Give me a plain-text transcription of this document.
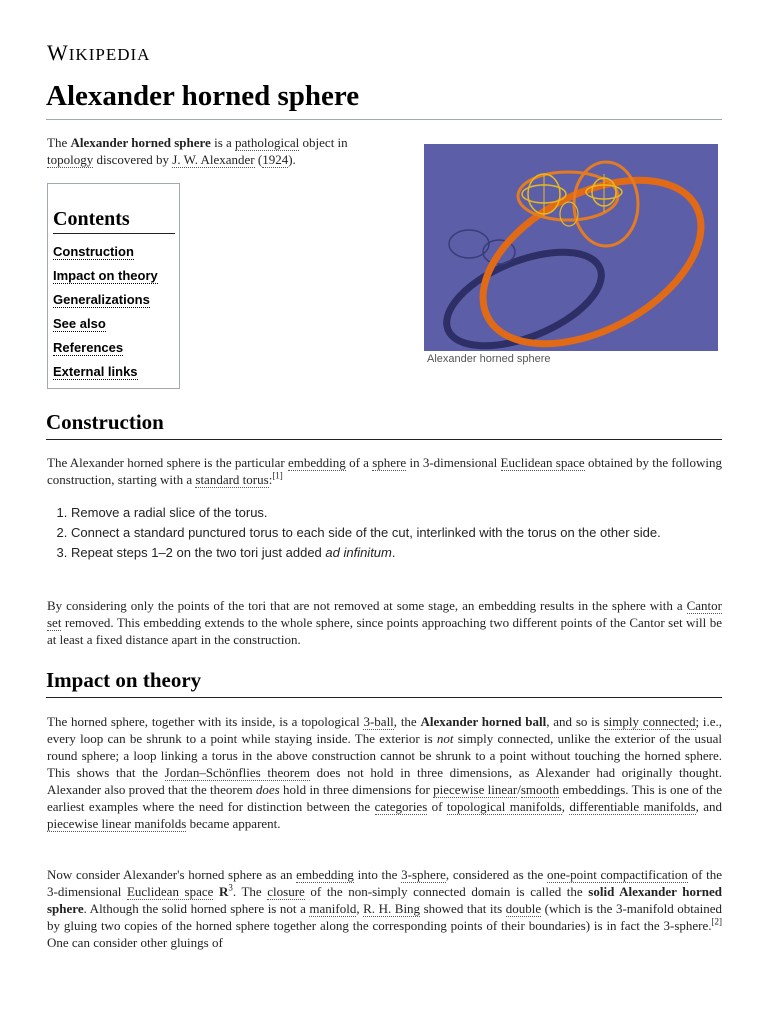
WIKIPEDIA
Alexander horned sphere

The Alexander horned sphere is a pathological object in topology discovered by J. W. Alexander (1924).

Contents
Construction
Impact on theory
Generalizations
See also
References
External links
Alexander horned sphere
Construction

The Alexander horned sphere is the particular embedding of a sphere in 3-dimensional Euclidean space obtained by the following construction, starting with a standard torus:[1]

1. Remove a radial slice of the torus.
2. Connect a standard punctured torus to each side of the cut, interlinked with the torus on the other side.
3. Repeat steps 1–2 on the two tori just added ad infinitum.

By considering only the points of the tori that are not removed at some stage, an embedding results in the sphere with a Cantor set removed. This embedding extends to the whole sphere, since points approaching two different points of the Cantor set will be at least a fixed distance apart in the construction.

Impact on theory

The horned sphere, together with its inside, is a topological 3-ball, the Alexander horned ball, and so is simply connected; i.e., every loop can be shrunk to a point while staying inside. The exterior is not simply connected, unlike the exterior of the usual round sphere; a loop linking a torus in the above construction cannot be shrunk to a point without touching the horned sphere. This shows that the Jordan–Schönflies theorem does not hold in three dimensions, as Alexander had originally thought. Alexander also proved that the theorem does hold in three dimensions for piecewise linear/smooth embeddings. This is one of the earliest examples where the need for distinction between the categories of topological manifolds, differentiable manifolds, and piecewise linear manifolds became apparent.

Now consider Alexander's horned sphere as an embedding into the 3-sphere, considered as the one-point compactification of the 3-dimensional Euclidean space $R^3$. The closure of the non-simply connected domain is called the solid Alexander horned sphere. Although the solid horned sphere is not a manifold, R. H. Bing showed that its double (which is the 3-manifold obtained by gluing two copies of the horned sphere together along the corresponding points of their boundaries) is in fact the 3-sphere.[2] One can consider other gluings of
